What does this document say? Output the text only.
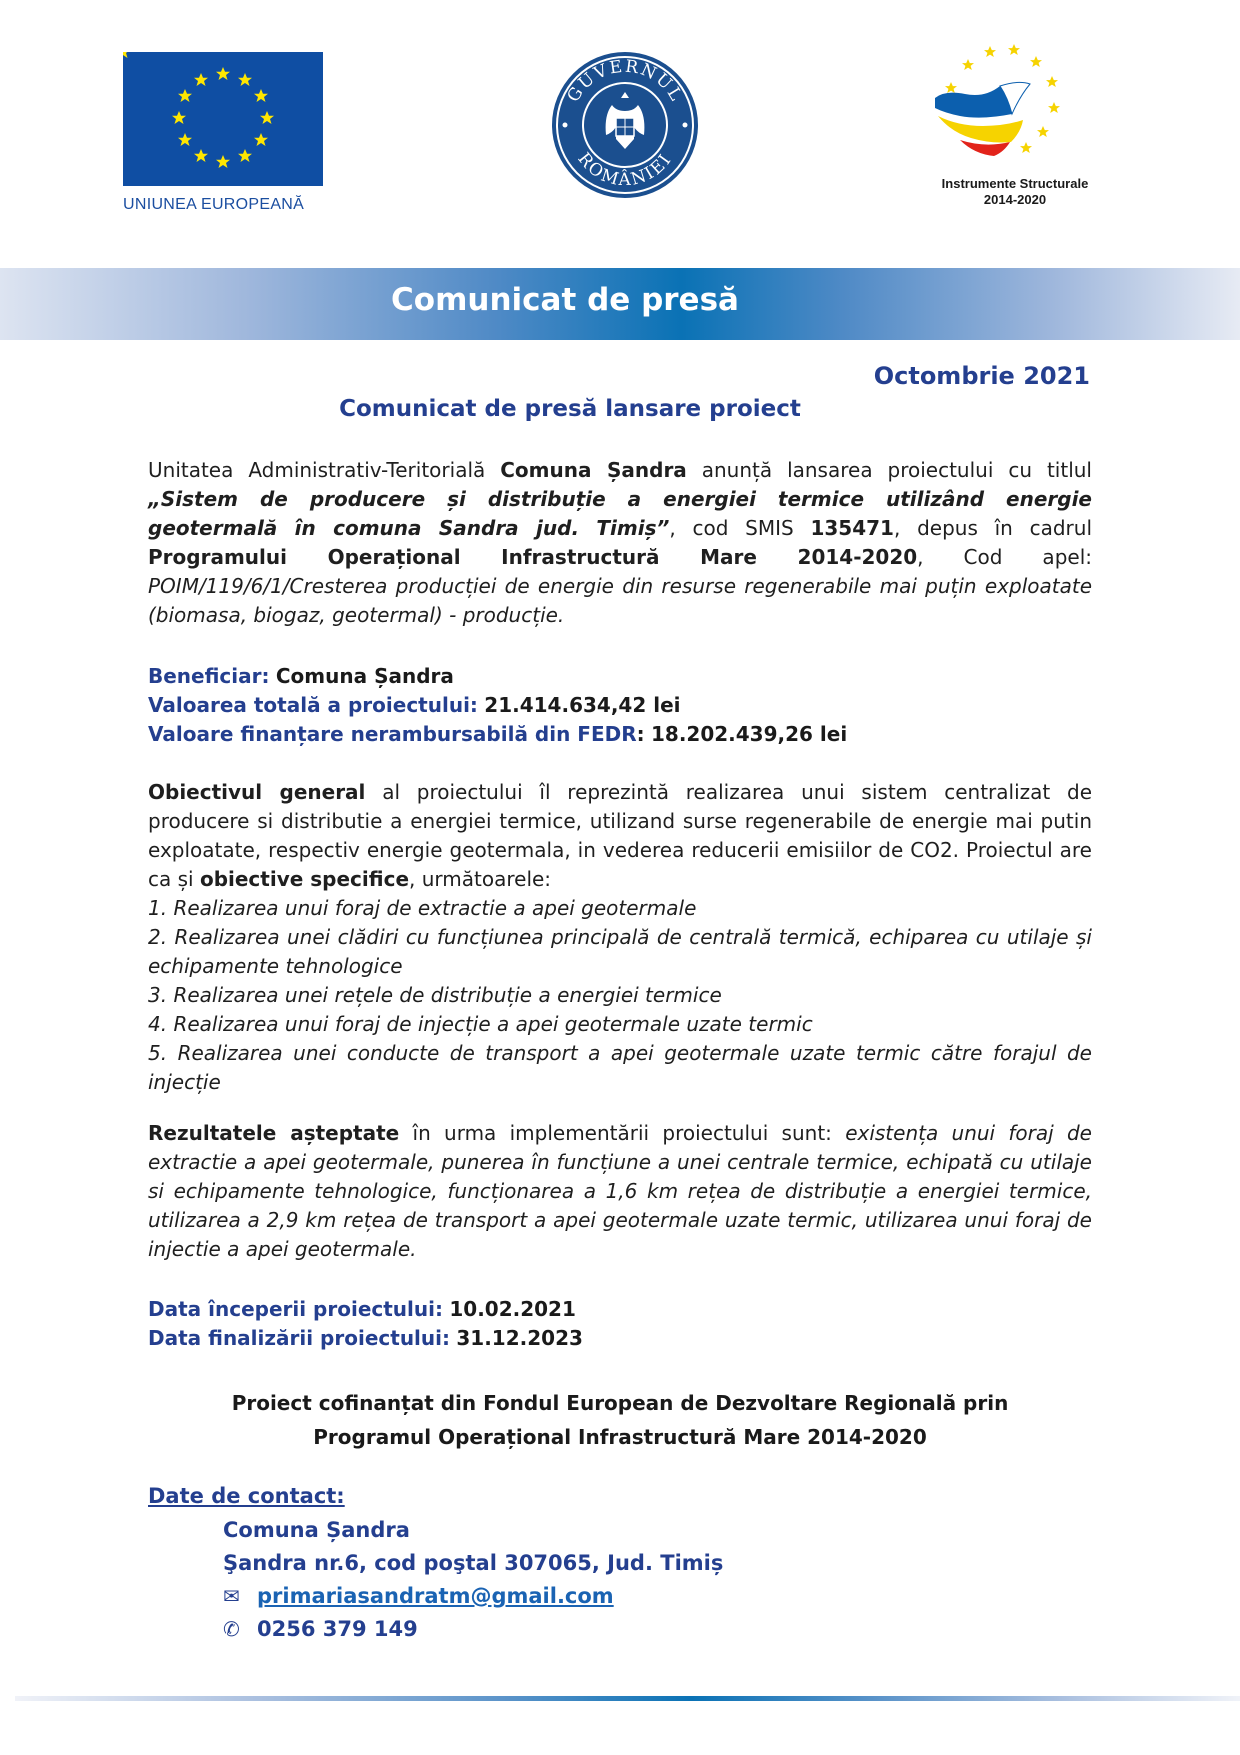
UNIUNEA EUROPEANĂ
GUVERNUL
ROMÂNIEI
Instrumente Structurale
2014-2020
Comunicat de presă
Octombrie 2021
Comunicat de presă lansare proiect

Unitatea Administrativ-Teritorială Comuna Șandra anunță lansarea proiectului cu titlul „Sistem de producere și distribuție a energiei termice utilizând energie geotermală în comuna Sandra jud. Timiș”, cod SMIS 135471, depus în cadrul Programului Operațional Infrastructură Mare 2014-2020, Cod apel: POIM/119/6/1/Cresterea producției de energie din resurse regenerabile mai puțin exploatate (biomasa, biogaz, geotermal) - producție.

Beneficiar: Comuna Șandra
Valoarea totală a proiectului: 21.414.634,42 lei
Valoare finanțare nerambursabilă din FEDR: 18.202.439,26 lei

Obiectivul general al proiectului îl reprezintă realizarea unui sistem centralizat de producere si distributie a energiei termice, utilizand surse regenerabile de energie mai putin exploatate, respectiv energie geotermala, in vederea reducerii emisiilor de CO2. Proiectul are ca și obiective specifice, următoarele:

1. Realizarea unui foraj de extractie a apei geotermale
2. Realizarea unei clădiri cu funcțiunea principală de centrală termică, echiparea cu utilaje și echipamente tehnologice
3. Realizarea unei rețele de distribuție a energiei termice
4. Realizarea unui foraj de injecție a apei geotermale uzate termic
5. Realizarea unei conducte de transport a apei geotermale uzate termic către forajul de injecție

Rezultatele așteptate în urma implementării proiectului sunt: existența unui foraj de extractie a apei geotermale, punerea în funcțiune a unei centrale termice, echipată cu utilaje si echipamente tehnologice, funcționarea a 1,6 km rețea de distribuție a energiei termice, utilizarea a 2,9 km rețea de transport a apei geotermale uzate termic, utilizarea unui foraj de injectie a apei geotermale.

Data începerii proiectului: 10.02.2021
Data finalizării proiectului: 31.12.2023
Proiect cofinanțat din Fondul European de Dezvoltare Regională prin
Programul Operațional Infrastructură Mare 2014-2020
Date de contact:
Comuna Șandra
Şandra nr.6, cod poştal 307065, Jud. Timiș
✉ primariasandratm@gmail.com
✆ 0256 379 149
